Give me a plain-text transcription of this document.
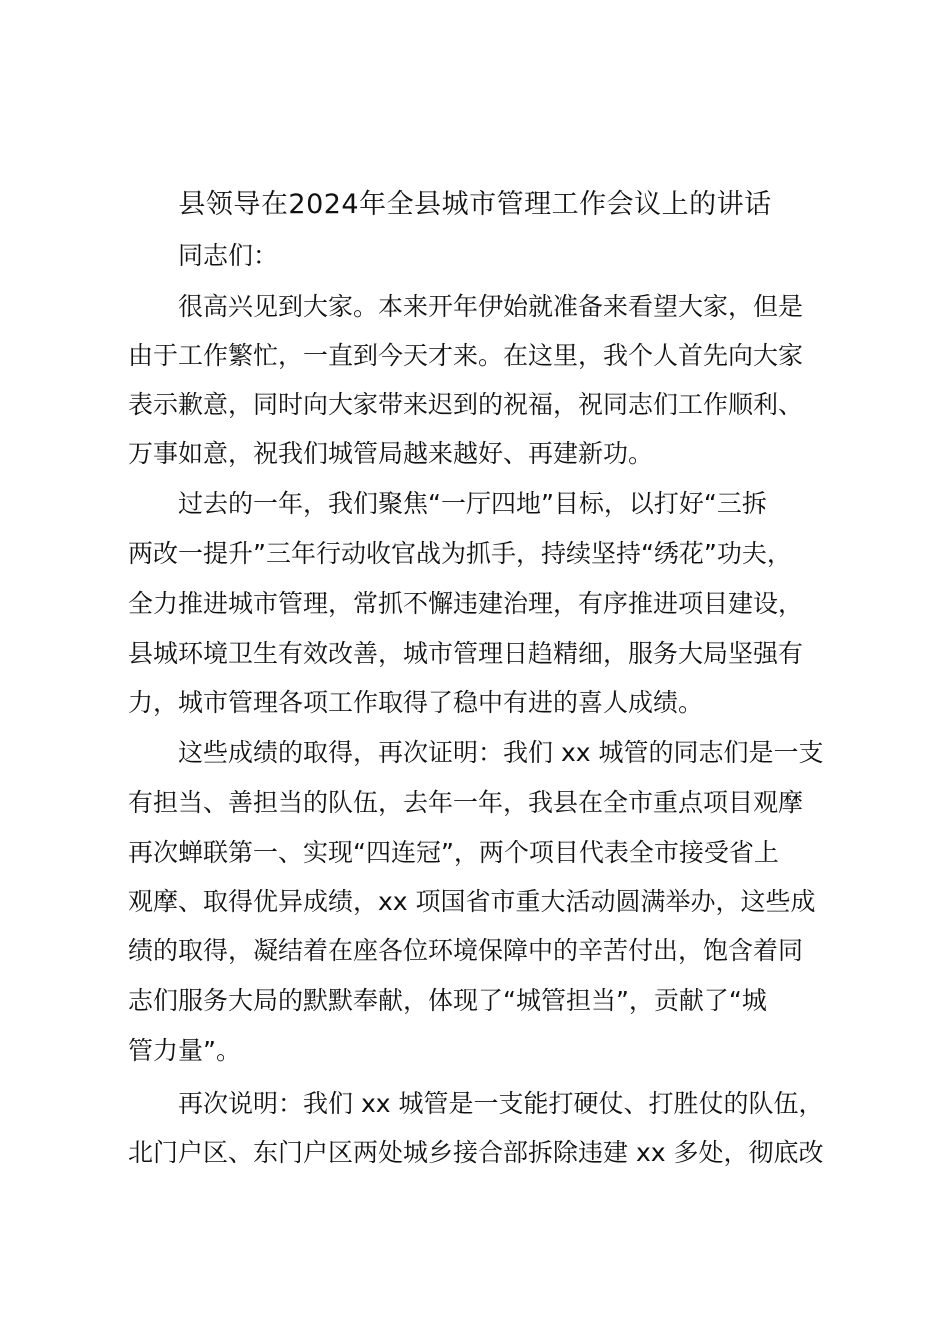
县领导在2024年全县城市管理工作会议上的讲话
同志们：
很高兴见到大家。本来开年伊始就准备来看望大家，但是
由于工作繁忙，一直到今天才来。在这里，我个人首先向大家
表示歉意，同时向大家带来迟到的祝福，祝同志们工作顺利、
万事如意，祝我们城管局越来越好、再建新功。
过去的一年，我们聚焦“一厅四地”目标，以打好“三拆
两改一提升”三年行动收官战为抓手，持续坚持“绣花”功夫，
全力推进城市管理，常抓不懈违建治理，有序推进项目建设，
县城环境卫生有效改善，城市管理日趋精细，服务大局坚强有
力，城市管理各项工作取得了稳中有进的喜人成绩。
这些成绩的取得，再次证明：我们 xx 城管的同志们是一支
有担当、善担当的队伍，去年一年，我县在全市重点项目观摩
再次蝉联第一、实现“四连冠”，两个项目代表全市接受省上
观摩、取得优异成绩，xx 项国省市重大活动圆满举办，这些成
绩的取得，凝结着在座各位环境保障中的辛苦付出，饱含着同
志们服务大局的默默奉献，体现了“城管担当”，贡献了“城
管力量”。
再次说明：我们 xx 城管是一支能打硬仗、打胜仗的队伍，
北门户区、东门户区两处城乡接合部拆除违建 xx 多处，彻底改
